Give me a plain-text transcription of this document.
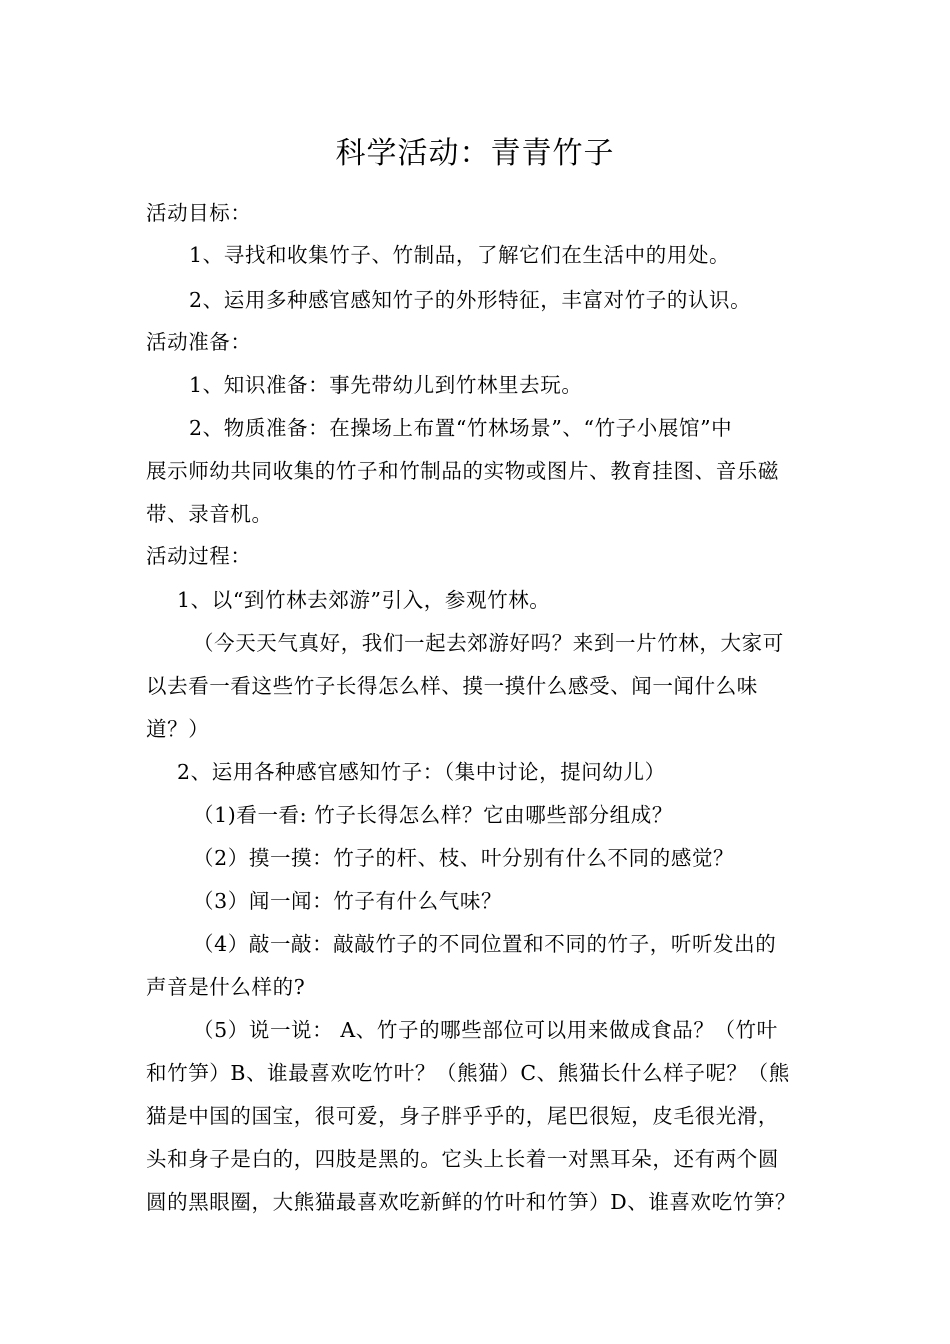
科学活动：青青竹子
活动目标：
1、寻找和收集竹子、竹制品，了解它们在生活中的用处。
2、运用多种感官感知竹子的外形特征，丰富对竹子的认识。
活动准备：
1、知识准备：事先带幼儿到竹林里去玩。
2、物质准备：在操场上布置“竹林场景”、“竹子小展馆”中
展示师幼共同收集的竹子和竹制品的实物或图片、教育挂图、音乐磁
带、录音机。
活动过程：
1、以“到竹林去郊游”引入，参观竹林。
（今天天气真好，我们一起去郊游好吗？来到一片竹林，大家可
以去看一看这些竹子长得怎么样、摸一摸什么感受、闻一闻什么味
道？）
2、运用各种感官感知竹子：（集中讨论，提问幼儿）
（1)看一看: 竹子长得怎么样？它由哪些部分组成？
（2）摸一摸：竹子的杆、枝、叶分别有什么不同的感觉？
（3）闻一闻：竹子有什么气味？
（4）敲一敲：敲敲竹子的不同位置和不同的竹子，听听发出的
声音是什么样的?
（5）说一说： A、竹子的哪些部位可以用来做成食品？（竹叶
和竹笋）B、谁最喜欢吃竹叶？（熊猫）C、熊猫长什么样子呢？（熊
猫是中国的国宝，很可爱，身子胖乎乎的，尾巴很短，皮毛很光滑，
头和身子是白的，四肢是黑的。它头上长着一对黑耳朵，还有两个圆
圆的黑眼圈，大熊猫最喜欢吃新鲜的竹叶和竹笋）D、谁喜欢吃竹笋？
